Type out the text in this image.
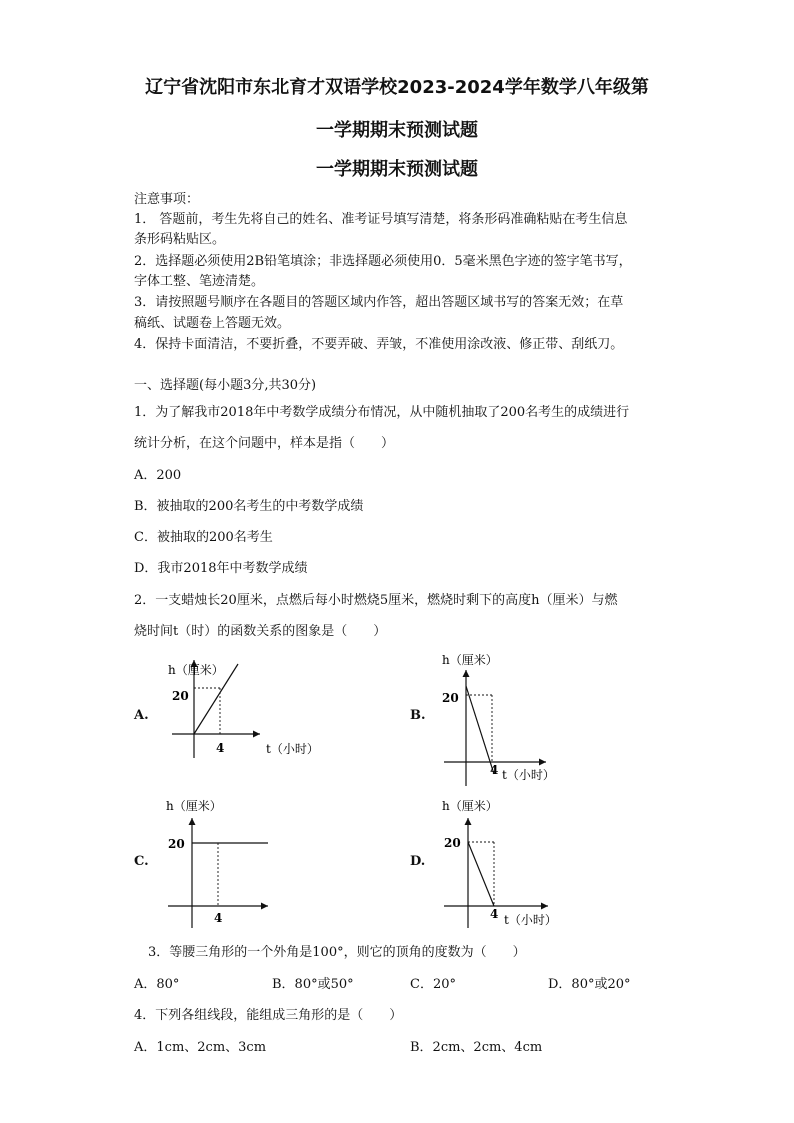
辽宁省沈阳市东北育才双语学校2023-2024学年数学八年级第
一学期期末预测试题
一学期期末预测试题
注意事项：
1． 答题前，考生先将自己的姓名、准考证号填写清楚，将条形码准确粘贴在考生信息
条形码粘贴区。
2．选择题必须使用2B铅笔填涂；非选择题必须使用0．5毫米黑色字迹的签字笔书写，
字体工整、笔迹清楚。
3．请按照题号顺序在各题目的答题区域内作答，超出答题区域书写的答案无效；在草
稿纸、试题卷上答题无效。
4．保持卡面清洁，不要折叠，不要弄破、弄皱，不准使用涂改液、修正带、刮纸刀。
一、选择题(每小题3分,共30分)
1．为了解我市2018年中考数学成绩分布情况，从中随机抽取了200名考生的成绩进行
统计分析，在这个问题中，样本是指（　　）
A．200
B．被抽取的200名考生的中考数学成绩
C．被抽取的200名考生
D．我市2018年中考数学成绩
2．一支蜡烛长20厘米，点燃后每小时燃烧5厘米，燃烧时剩下的高度h（厘米）与燃
烧时间t（时）的函数关系的图象是（　　）
A.
h（厘米）
20
4	t（小时）
B.
h（厘米）
20
4 t（小时）
C.
h（厘米）
20
4
D.
h（厘米）
20
4 t（小时）
3．等腰三角形的一个外角是100°，则它的顶角的度数为（　　）
A．80°	B．80°或50°	C．20°	D．80°或20°
4．下列各组线段，能组成三角形的是（　　）
A．1cm、2cm、3cm	B．2cm、2cm、4cm
